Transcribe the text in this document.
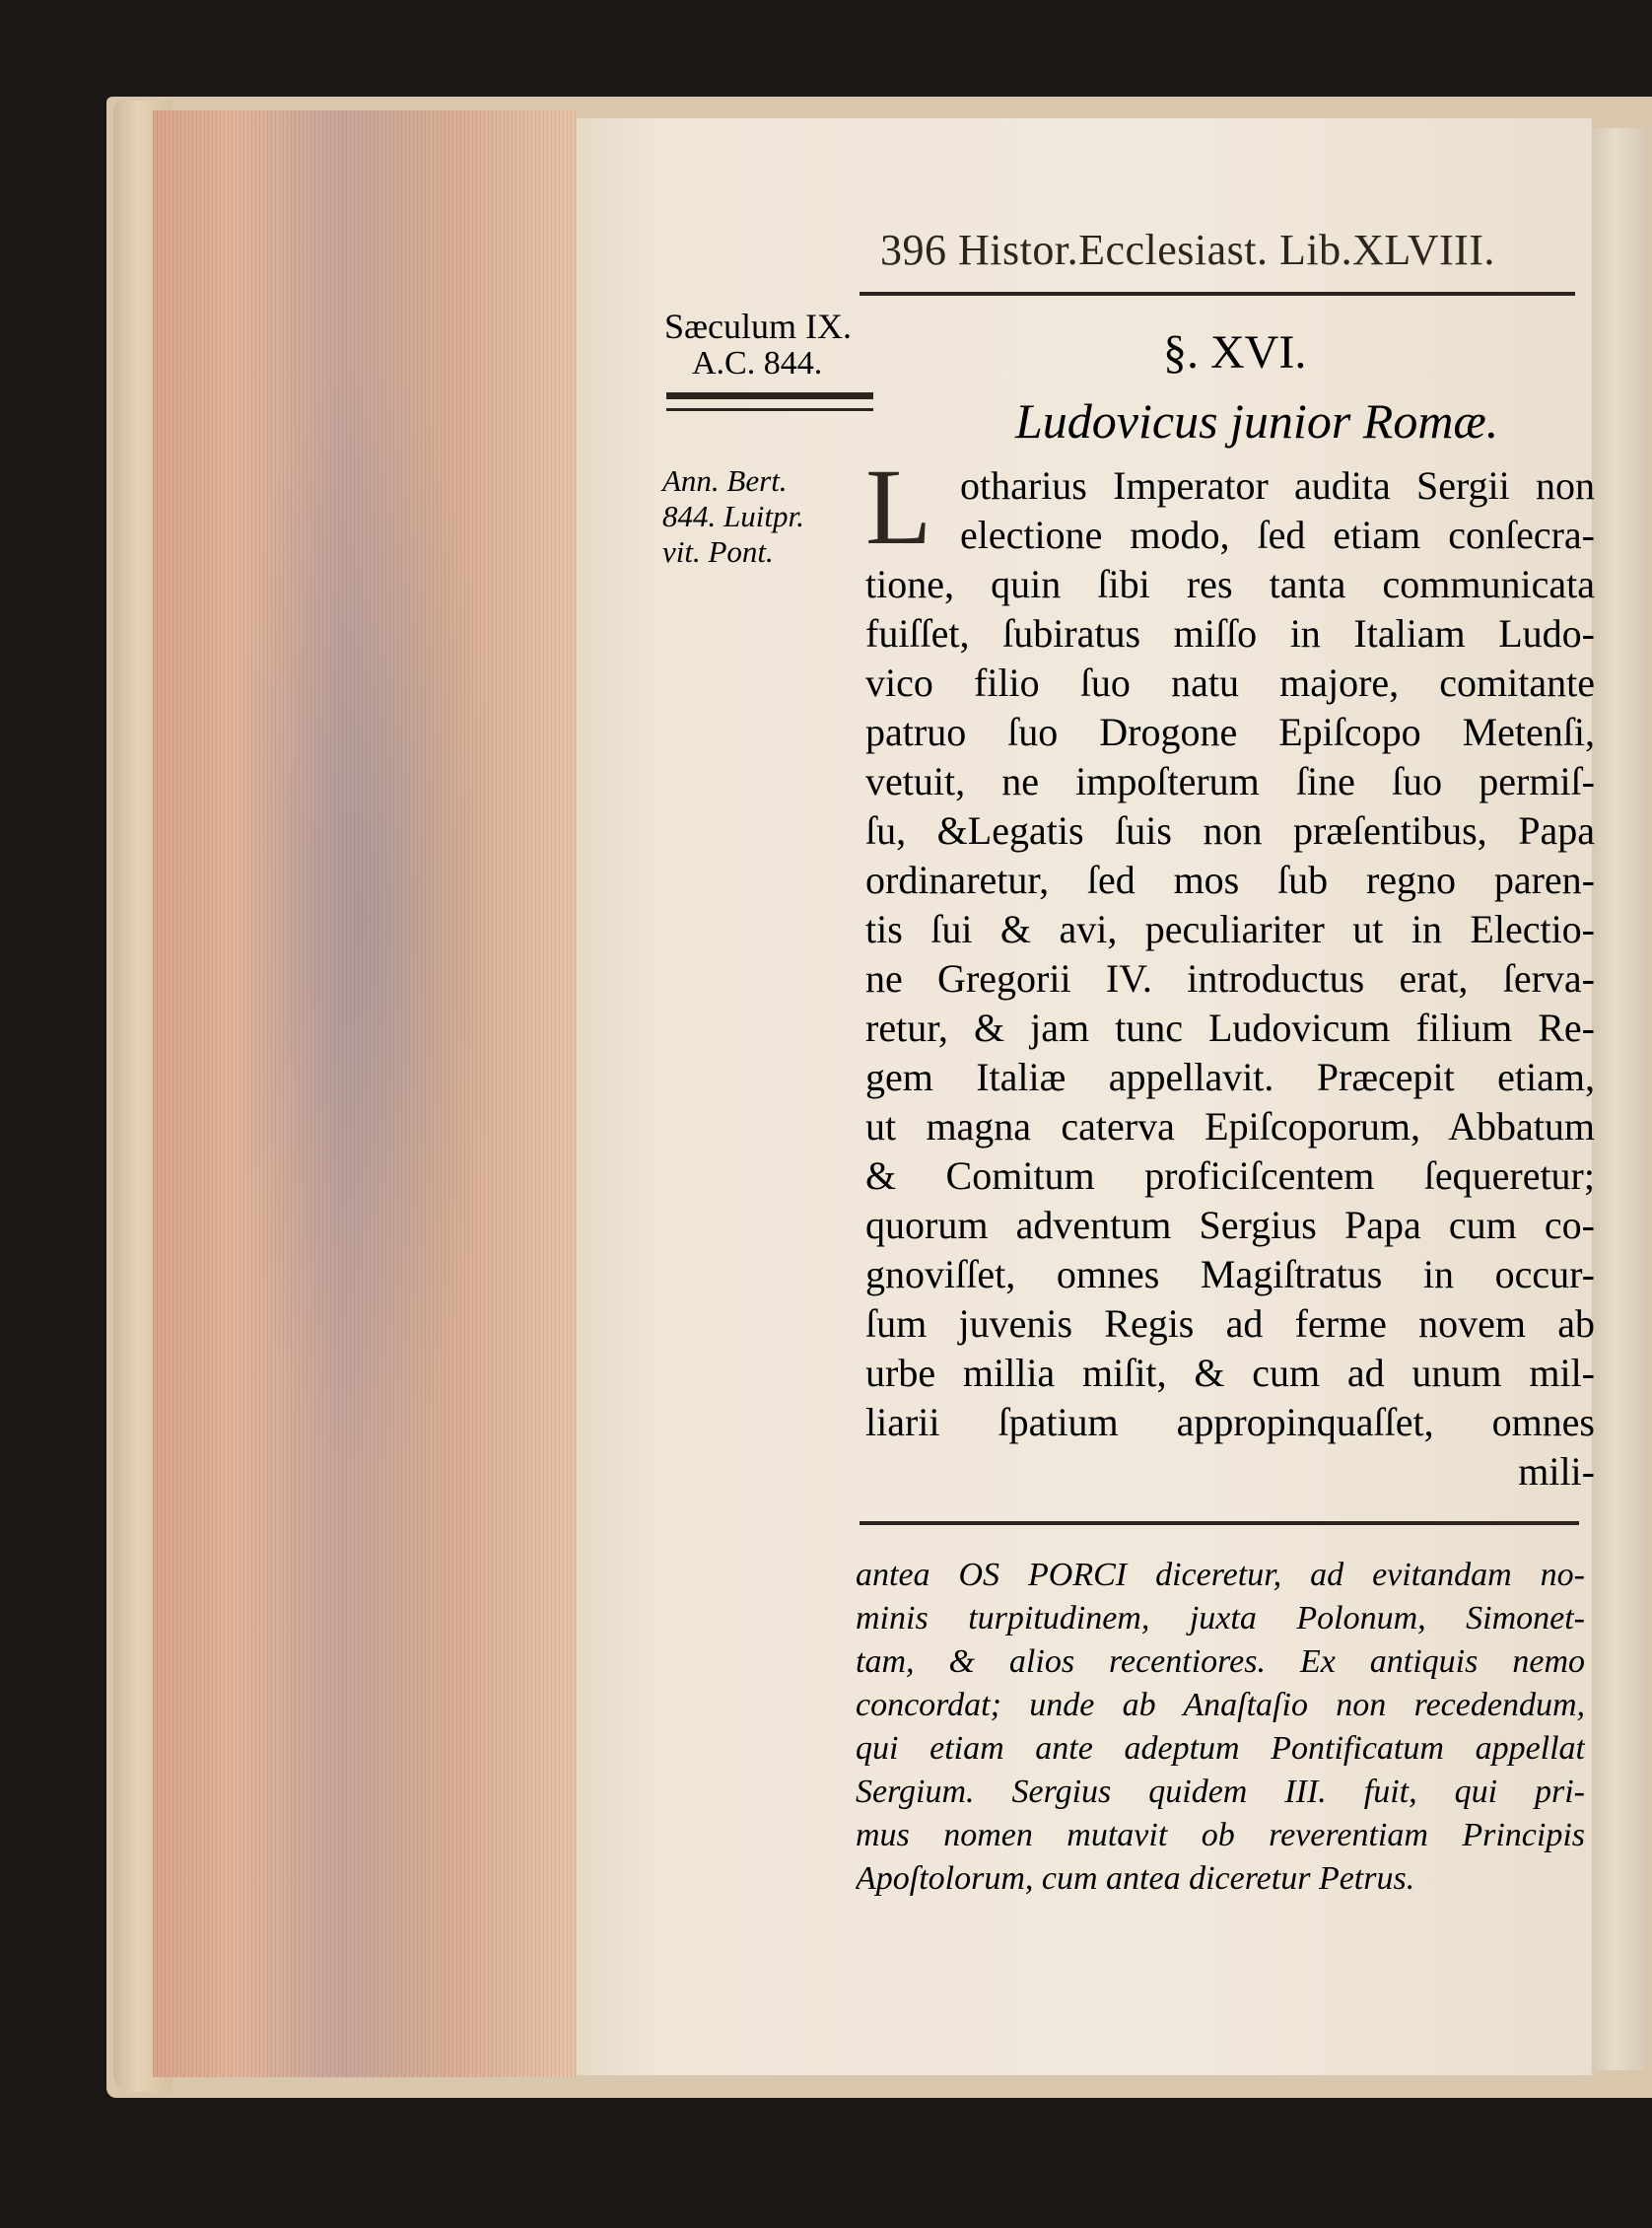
396 Histor.Ecclesiast. Lib.XLVIII.
Sæculum IX.
A.C. 844.
Ann. Bert.
844. Luitpr.
vit. Pont.
§. XVI.
Ludovicus junior Romæ.
L otharius Imperator audita Sergii non
electione modo, ſed etiam conſecra-
tione, quin ſibi res tanta communicata
fuiſſet, ſubiratus miſſo in Italiam Ludo-
vico filio ſuo natu majore, comitante
patruo ſuo Drogone Epiſcopo Metenſi,
vetuit, ne impoſterum ſine ſuo permiſ-
ſu, &Legatis ſuis non præſentibus, Papa
ordinaretur, ſed mos ſub regno paren-
tis ſui & avi, peculiariter ut in Electio-
ne Gregorii IV. introductus erat, ſerva-
retur, & jam tunc Ludovicum filium Re-
gem Italiæ appellavit. Præcepit etiam,
ut magna caterva Epiſcoporum, Abbatum
& Comitum proficiſcentem ſequeretur;
quorum adventum Sergius Papa cum co-
gnoviſſet, omnes Magiſtratus in occur-
ſum juvenis Regis ad ferme novem ab
urbe millia miſit, & cum ad unum mil-
liarii ſpatium appropinquaſſet, omnes
mili-
antea OS PORCI diceretur, ad evitandam no-
minis turpitudinem, juxta Polonum, Simonet-
tam, & alios recentiores. Ex antiquis nemo
concordat; unde ab Anaſtaſio non recedendum,
qui etiam ante adeptum Pontificatum appellat
Sergium. Sergius quidem III. fuit, qui pri-
mus nomen mutavit ob reverentiam Principis
Apoſtolorum, cum antea diceretur Petrus.
